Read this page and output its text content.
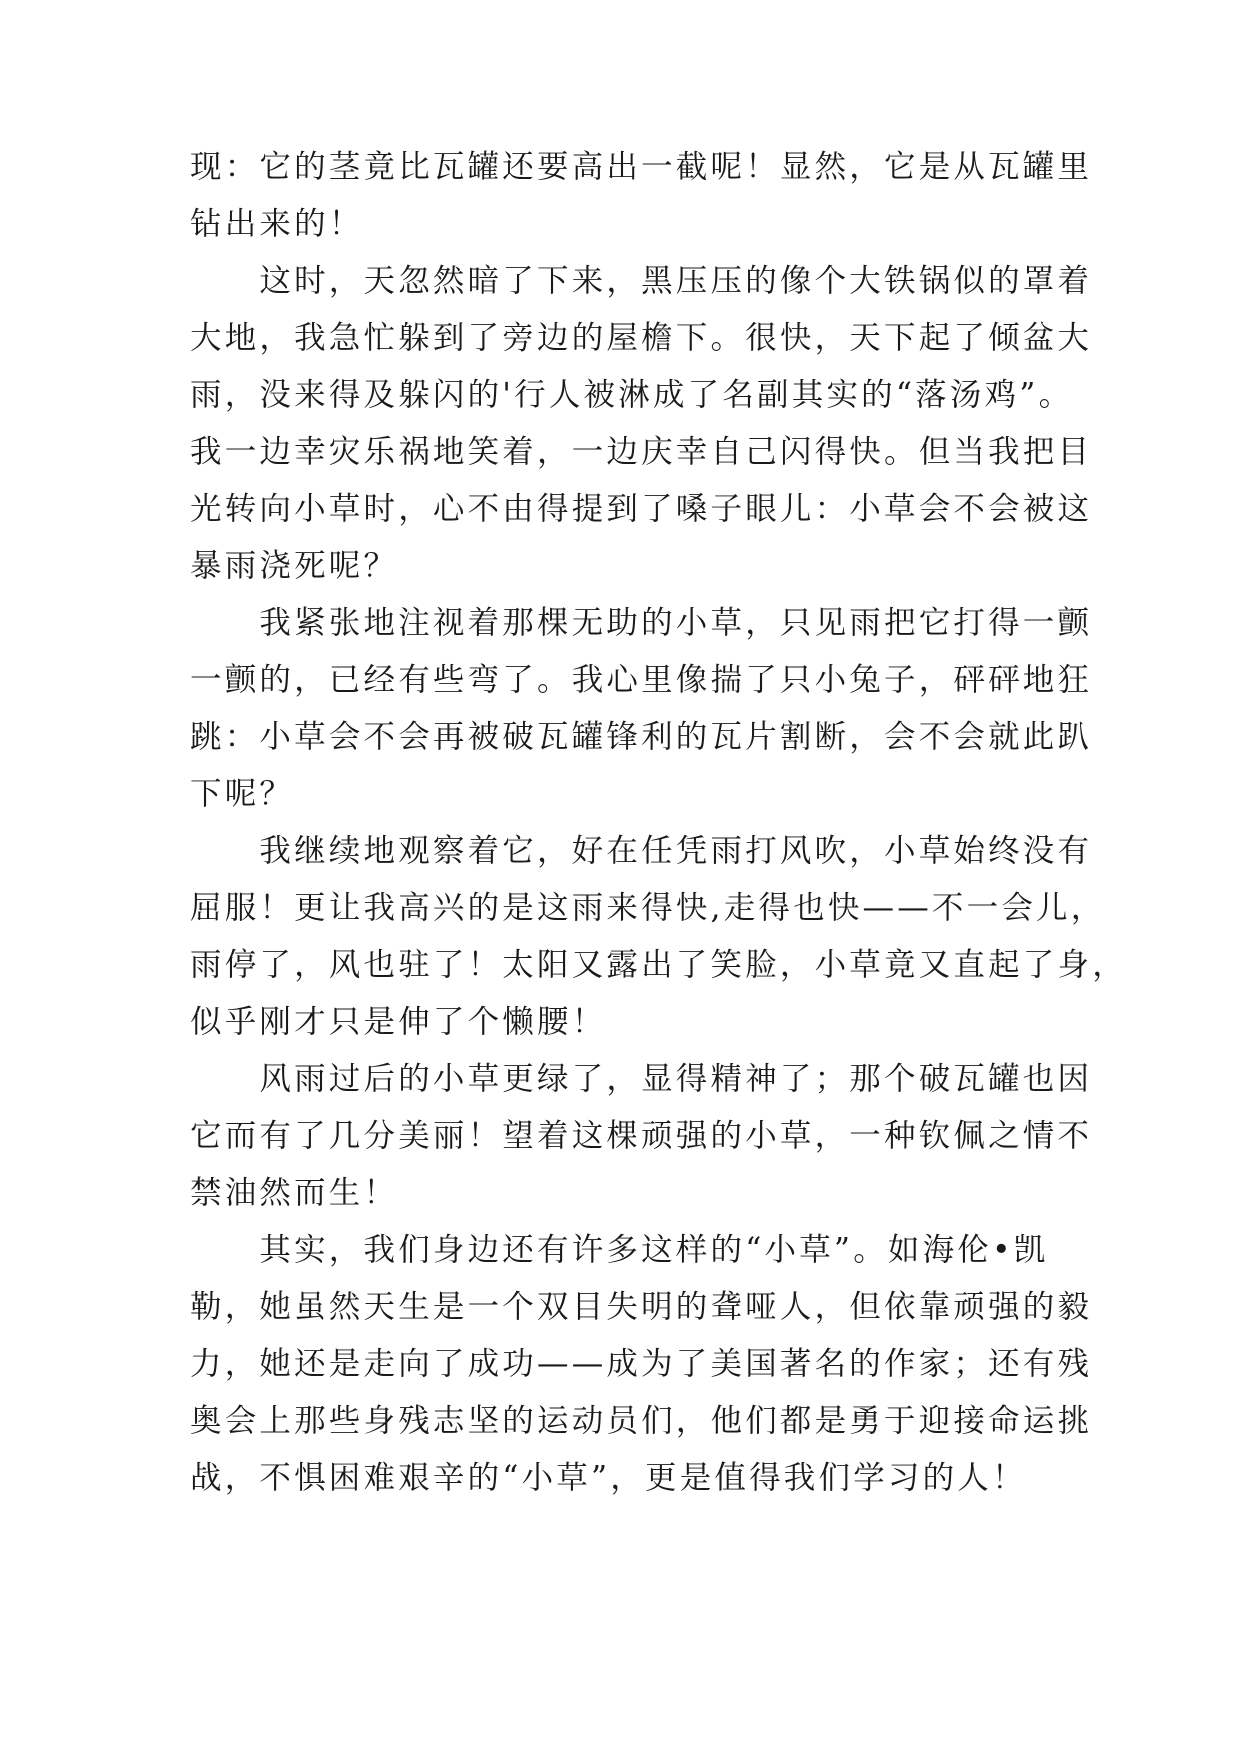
现：它的茎竟比瓦罐还要高出一截呢！显然，它是从瓦罐里
钻出来的！
　　这时，天忽然暗了下来，黑压压的像个大铁锅似的罩着
大地，我急忙躲到了旁边的屋檐下。很快，天下起了倾盆大
雨，没来得及躲闪的'行人被淋成了名副其实的“落汤鸡”。
我一边幸灾乐祸地笑着，一边庆幸自己闪得快。但当我把目
光转向小草时，心不由得提到了嗓子眼儿：小草会不会被这
暴雨浇死呢？
　　我紧张地注视着那棵无助的小草，只见雨把它打得一颤
一颤的，已经有些弯了。我心里像揣了只小兔子，砰砰地狂
跳：小草会不会再被破瓦罐锋利的瓦片割断，会不会就此趴
下呢？
　　我继续地观察着它，好在任凭雨打风吹，小草始终没有
屈服！更让我高兴的是这雨来得快,走得也快——不一会儿，
雨停了，风也驻了！太阳又露出了笑脸，小草竟又直起了身，
似乎刚才只是伸了个懒腰！
　　风雨过后的小草更绿了，显得精神了；那个破瓦罐也因
它而有了几分美丽！望着这棵顽强的小草，一种钦佩之情不
禁油然而生！
　　其实，我们身边还有许多这样的“小草”。如海伦•凯
勒，她虽然天生是一个双目失明的聋哑人，但依靠顽强的毅
力，她还是走向了成功——成为了美国著名的作家；还有残
奥会上那些身残志坚的运动员们，他们都是勇于迎接命运挑
战，不惧困难艰辛的“小草”，更是值得我们学习的人！
